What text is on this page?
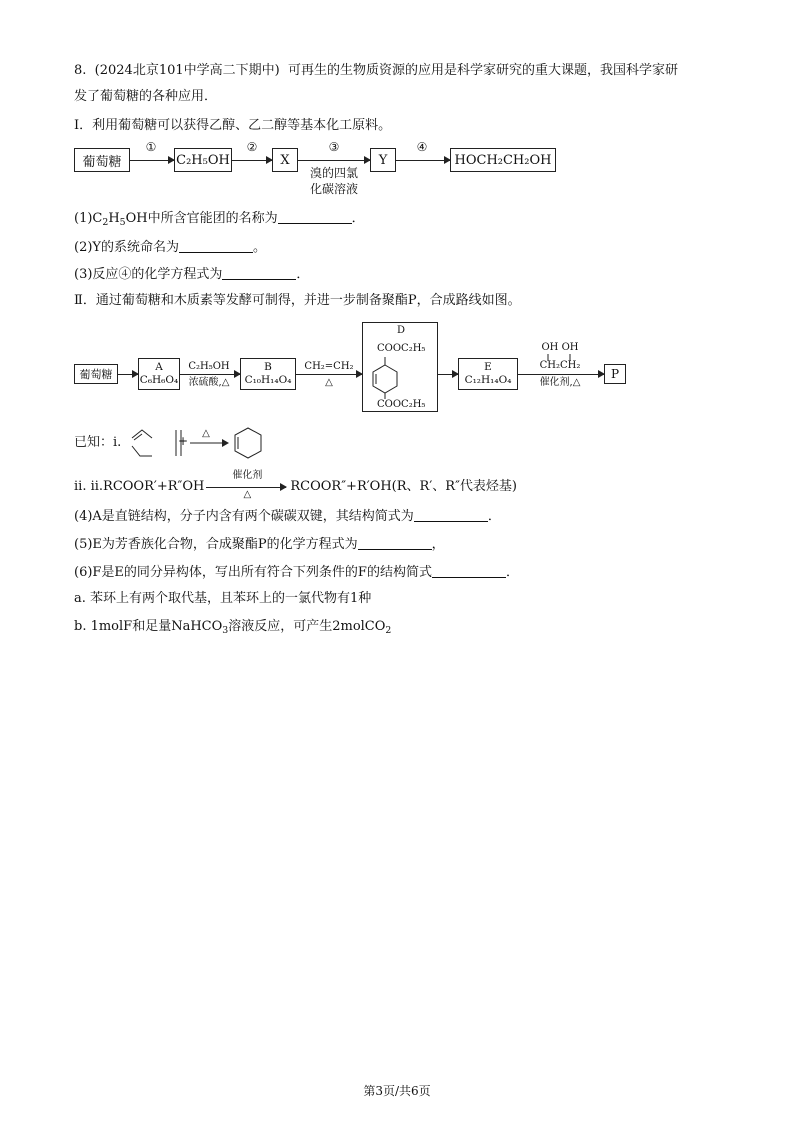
8. (2024北京101中学高二下期中) 可再生的生物质资源的应用是科学家研究的重大课题，我国科学家研
发了葡萄糖的各种应用．
Ⅰ．利用葡萄糖可以获得乙醇、乙二醇等基本化工原料。
葡萄糖
①
C₂H₅OH
②
X
③
溴的四氯
化碳溶液
Y
④
HOCH₂CH₂OH
$(1)C_2H_5OH$中所含官能团的名称为	．
(2)Y的系统命名为	。
(3)反应④的化学方程式为	．
Ⅱ．通过葡萄糖和木质素等发酵可制得，并进一步制备聚酯P，合成路线如图。
葡萄糖
A
C₆H₆O₄
C₂H₅OH
浓硫酸,△
B
C₁₀H₁₄O₄
CH₂=CH₂
△
D
COOC₂H₅
COOC₂H₅
E
C₁₂H₁₄O₄
OH OH
CH₂CH₂
催化剂,△
P
已知：i.	+
△
ii. ii.RCOOR′+R″OH
催化剂
△	RCOOR″+R′OH(R、R′、R″代表烃基)
(4)A是直链结构，分子内含有两个碳碳双键，其结构简式为	．
(5)E为芳香族化合物，合成聚酯P的化学方程式为	，
(6)F是E的同分异构体，写出所有符合下列条件的F的结构简式	．
a. 苯环上有两个取代基，且苯环上的一氯代物有1种
b. 1molF和足量NaHCO$_3$溶液反应，可产生2molCO$_2$
第3页/共6页
